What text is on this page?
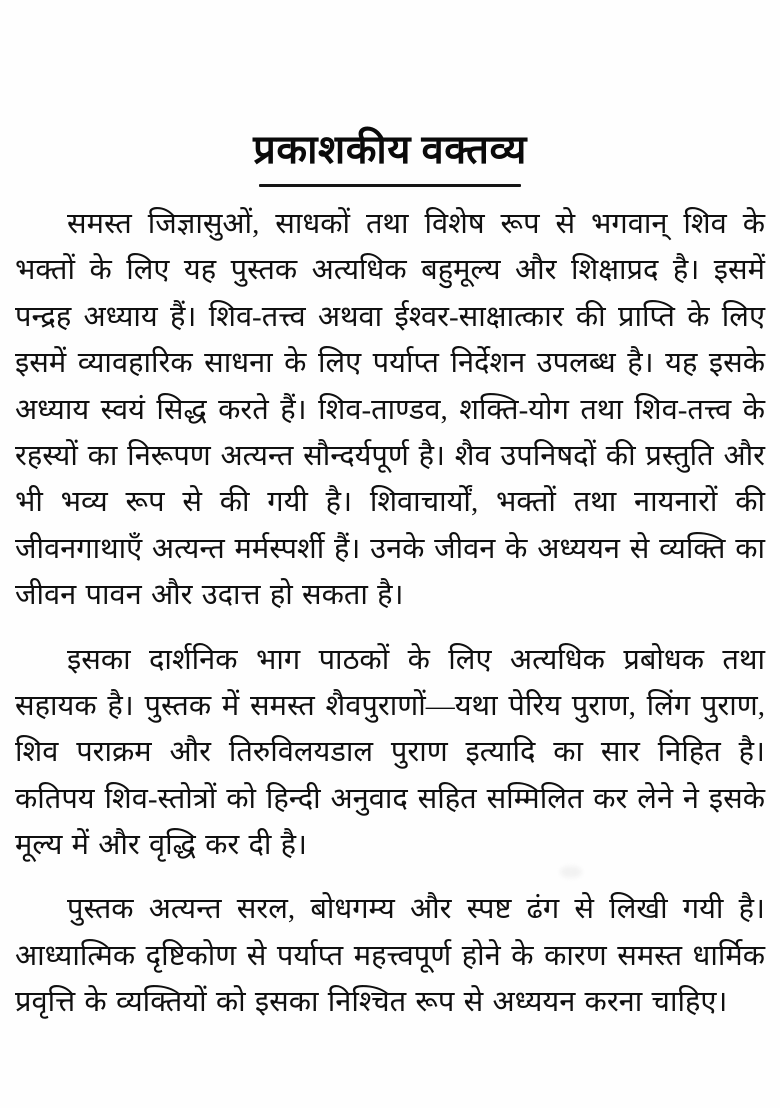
प्रकाशकीय वक्तव्य

समस्त जिज्ञासुओं, साधकों तथा विशेष रूप से भगवान् शिव के भक्तों के लिए यह पुस्तक अत्यधिक बहुमूल्य और शिक्षाप्रद है। इसमें पन्द्रह अध्याय हैं। शिव-तत्त्व अथवा ईश्वर-साक्षात्कार की प्राप्ति के लिए इसमें व्यावहारिक साधना के लिए पर्याप्त निर्देशन उपलब्ध है। यह इसके अध्याय स्वयं सिद्ध करते हैं। शिव-ताण्डव, शक्ति-योग तथा शिव-तत्त्व के रहस्यों का निरूपण अत्यन्त सौन्दर्यपूर्ण है। शैव उपनिषदों की प्रस्तुति और भी भव्य रूप से की गयी है। शिवाचार्यों, भक्तों तथा नायनारों की जीवनगाथाएँ अत्यन्त मर्मस्पर्शी हैं। उनके जीवन के अध्ययन से व्यक्ति का जीवन पावन और उदात्त हो सकता है।

इसका दार्शनिक भाग पाठकों के लिए अत्यधिक प्रबोधक तथा सहायक है। पुस्तक में समस्त शैवपुराणों—यथा पेरिय पुराण, लिंग पुराण, शिव पराक्रम और तिरुविलयडाल पुराण इत्यादि का सार निहित है। कतिपय शिव-स्तोत्रों को हिन्दी अनुवाद सहित सम्मिलित कर लेने ने इसके मूल्य में और वृद्धि कर दी है।

पुस्तक अत्यन्त सरल, बोधगम्य और स्पष्ट ढंग से लिखी गयी है। आध्यात्मिक दृष्टिकोण से पर्याप्त महत्त्वपूर्ण होने के कारण समस्त धार्मिक प्रवृत्ति के व्यक्तियों को इसका निश्चित रूप से अध्ययन करना चाहिए।
